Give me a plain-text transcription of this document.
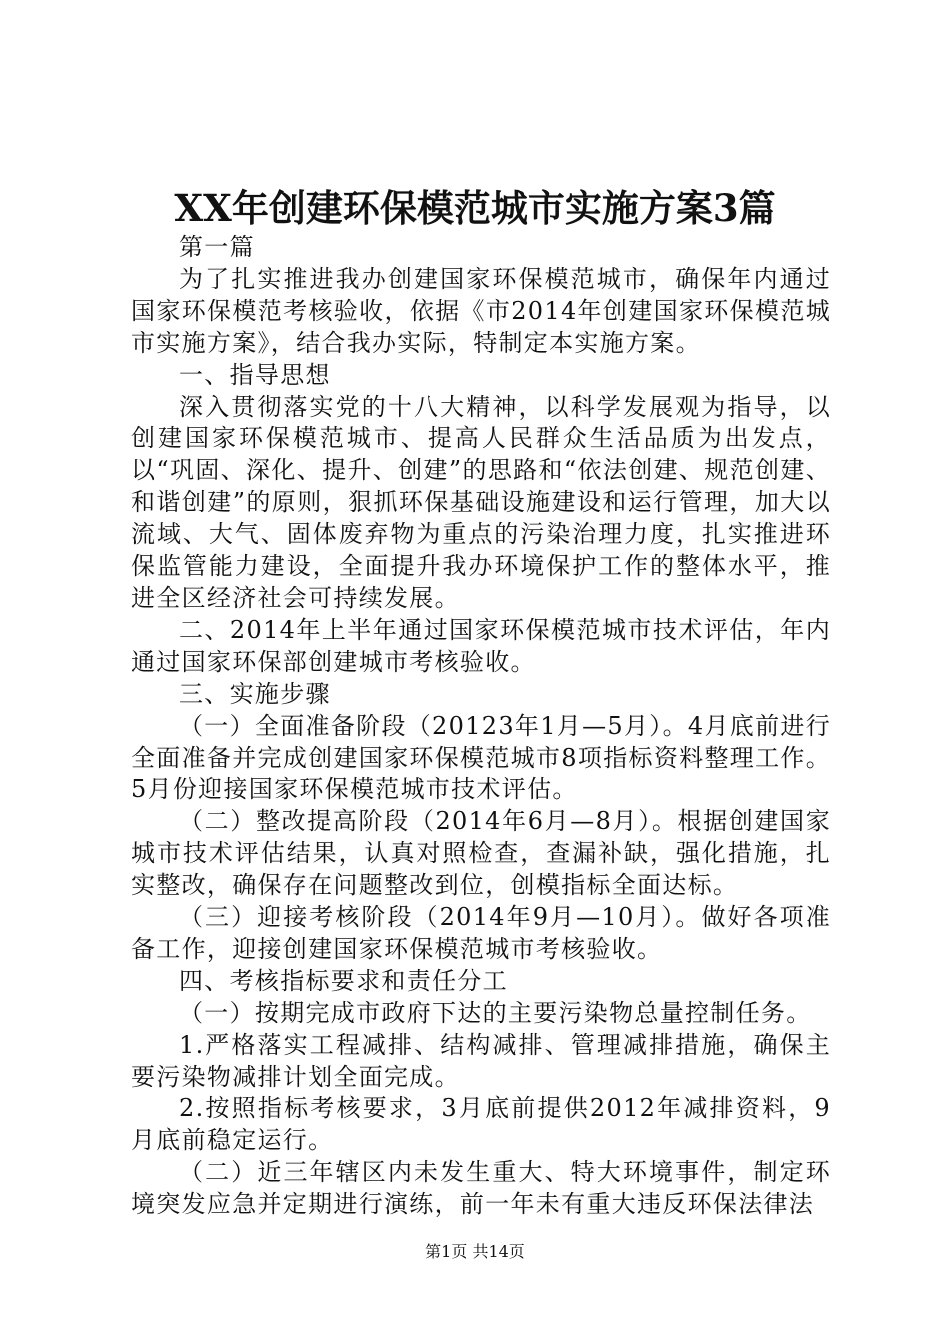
XX年创建环保模范城市实施方案3篇

第一篇

为了扎实推进我办创建国家环保模范城市，确保年内通过国家环保模范考核验收，依据《市2014年创建国家环保模范城市实施方案》，结合我办实际，特制定本实施方案。

一、指导思想

深入贯彻落实党的十八大精神，以科学发展观为指导，以创建国家环保模范城市、提高人民群众生活品质为出发点，以“巩固、深化、提升、创建”的思路和“依法创建、规范创建、和谐创建”的原则，狠抓环保基础设施建设和运行管理，加大以流域、大气、固体废弃物为重点的污染治理力度，扎实推进环保监管能力建设，全面提升我办环境保护工作的整体水平，推进全区经济社会可持续发展。

二、2014年上半年通过国家环保模范城市技术评估，年内通过国家环保部创建城市考核验收。

三、实施步骤

（一）全面准备阶段（20123年1月—5月）。4月底前进行全面准备并完成创建国家环保模范城市8项指标资料整理工作。5月份迎接国家环保模范城市技术评估。

（二）整改提高阶段（2014年6月—8月）。根据创建国家城市技术评估结果，认真对照检查，查漏补缺，强化措施，扎实整改，确保存在问题整改到位，创模指标全面达标。

（三）迎接考核阶段（2014年9月—10月）。做好各项准备工作，迎接创建国家环保模范城市考核验收。

四、考核指标要求和责任分工

（一）按期完成市政府下达的主要污染物总量控制任务。

1.严格落实工程减排、结构减排、管理减排措施，确保主要污染物减排计划全面完成。

2.按照指标考核要求，3月底前提供2012年减排资料，9月底前稳定运行。

（二）近三年辖区内未发生重大、特大环境事件，制定环境突发应急并定期进行演练，前一年未有重大违反环保法律法

第1页 共14页
